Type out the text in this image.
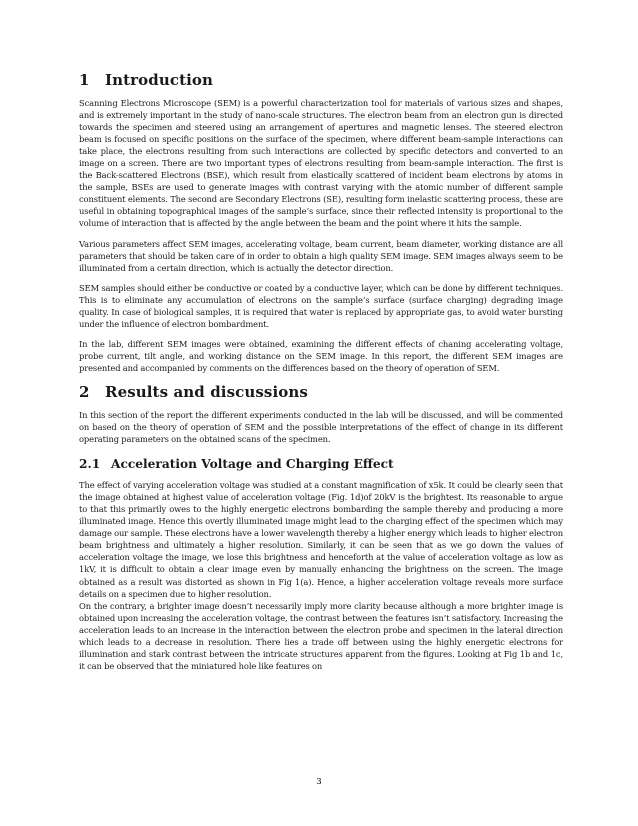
1	Introduction

Scanning Electrons Microscope (SEM) is a powerful characterization tool for materials of various sizes and shapes, and is extremely important in the study of nano-scale structures. The electron beam from an electron gun is directed towards the specimen and steered using an arrangement of apertures and magnetic lenses. The steered electron beam is focused on specific positions on the surface of the specimen, where different beam-sample interactions can take place, the electrons resulting from such interactions are collected by specific detectors and converted to an image on a screen. There are two important types of electrons resulting from beam-sample interaction. The first is the Back-scattered Electrons (BSE), which result from elastically scattered of incident beam electrons by atoms in the sample, BSEs are used to generate images with contrast varying with the atomic number of different sample constituent elements. The second are Secondary Electrons (SE), resulting form inelastic scattering process, these are useful in obtaining topographical images of the sample’s surface, since their reflected intensity is proportional to the volume of interaction that is affected by the angle between the beam and the point where it hits the sample.

Various parameters affect SEM images, accelerating voltage, beam current, beam diameter, working distance are all parameters that should be taken care of in order to obtain a high quality SEM image. SEM images always seem to be illuminated from a certain direction, which is actually the detector direction.

SEM samples should either be conductive or coated by a conductive layer, which can be done by different techniques. This is to eliminate any accumulation of electrons on the sample’s surface (surface charging) degrading image quality. In case of biological samples, it is required that water is replaced by appropriate gas, to avoid water bursting under the influence of electron bombardment.

In the lab, different SEM images were obtained, examining the different effects of chaning accelerating voltage, probe current, tilt angle, and working distance on the SEM image. In this report, the different SEM images are presented and accompanied by comments on the differences based on the theory of operation of SEM.

2	Results and discussions

In this section of the report the different experiments conducted in the lab will be discussed, and will be commented on based on the theory of operation of SEM and the possible interpretations of the effect of change in its different operating parameters on the obtained scans of the specimen.

2.1 Acceleration Voltage and Charging Effect

The effect of varying acceleration voltage was studied at a constant magnification of x5k. It could be clearly seen that the image obtained at highest value of acceleration voltage (Fig. 1d)of 20kV is the brightest. Its reasonable to argue to that this primarily owes to the highly energetic electrons bombarding the sample thereby and producing a more illuminated image. Hence this overtly illuminated image might lead to the charging effect of the specimen which may damage our sample. These electrons have a lower wavelength thereby a higher energy which leads to higher electron beam brightness and ultimately a higher resolution. Similarly, it can be seen that as we go down the values of acceleration voltage the image, we lose this brightness and henceforth at the value of acceleration voltage as low as 1kV, it is difficult to obtain a clear image even by manually enhancing the brightness on the screen. The image obtained as a result was distorted as shown in Fig 1(a). Hence, a higher acceleration voltage reveals more surface details on a specimen due to higher resolution.

On the contrary, a brighter image doesn’t necessarily imply more clarity because although a more brighter image is obtained upon increasing the acceleration voltage, the contrast between the features isn’t satisfactory. Increasing the acceleration leads to an increase in the interaction between the electron probe and specimen in the lateral direction which leads to a decrease in resolution. There lies a trade off between using the highly energetic electrons for illumination and stark contrast between the intricate structures apparent from the figures. Looking at Fig 1b and 1c, it can be observed that the miniatured hole like features on

3
